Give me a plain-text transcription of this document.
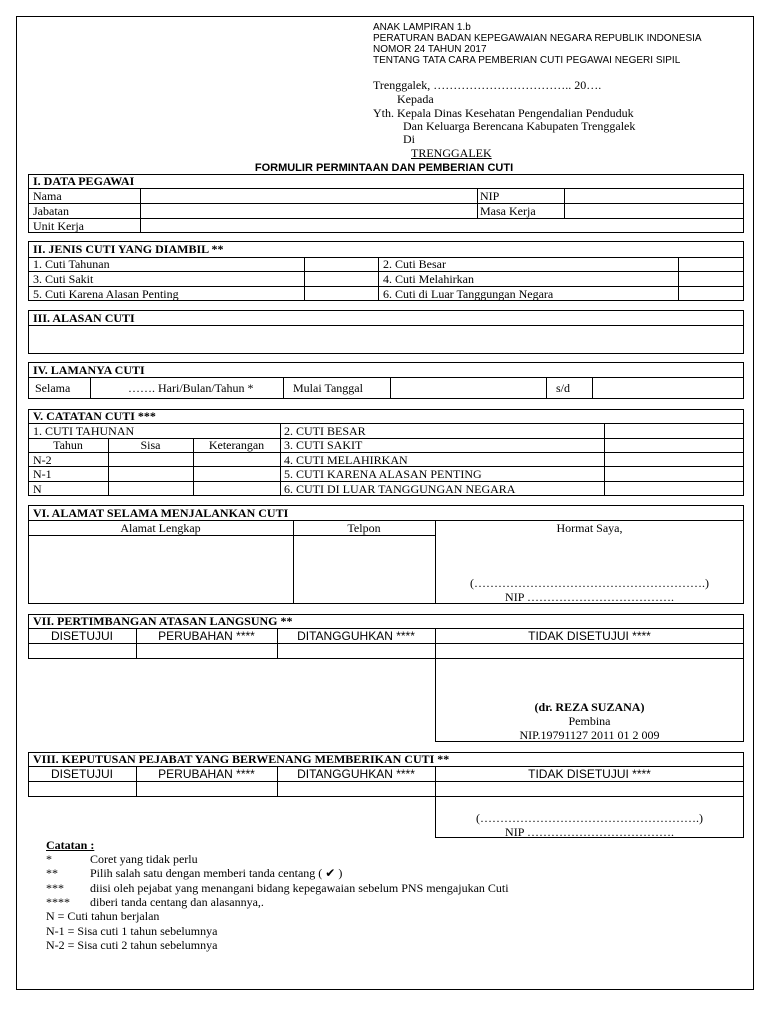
ANAK LAMPIRAN 1.b
PERATURAN BADAN KEPEGAWAIAN NEGARA REPUBLIK INDONESIA
NOMOR 24 TAHUN 2017
TENTANG TATA CARA PEMBERIAN CUTI PEGAWAI NEGERI SIPIL
Trenggalek, …………………………….. 20….
Kepada
Yth. Kepala Dinas Kesehatan Pengendalian Penduduk
Dan Keluarga Berencana Kabupaten Trenggalek
Di
TRENGGALEK
FORMULIR PERMINTAAN DAN PEMBERIAN CUTI
I. DATA PEGAWAI
Nama	NIP
Jabatan	Masa Kerja
Unit Kerja
II. JENIS CUTI YANG DIAMBIL **
1. Cuti Tahunan	2. Cuti Besar
3. Cuti Sakit	4. Cuti Melahirkan
5. Cuti Karena Alasan Penting	6. Cuti di Luar Tanggungan Negara
III. ALASAN CUTI
IV. LAMANYA CUTI
Selama	……. Hari/Bulan/Tahun *	Mulai Tanggal	s/d
V. CATATAN CUTI ***
1. CUTI TAHUNAN
Tahun	Sisa	Keterangan
N-2
N-1
N
2. CUTI BESAR
3. CUTI SAKIT
4. CUTI MELAHIRKAN
5. CUTI KARENA ALASAN PENTING
6. CUTI DI LUAR TANGGUNGAN NEGARA
VI. ALAMAT SELAMA MENJALANKAN CUTI
Alamat Lengkap	Telpon	Hormat Saya,
(………………………………………………….)
NIP ……………………………….
VII. PERTIMBANGAN ATASAN LANGSUNG **
DISETUJUI	PERUBAHAN ****	DITANGGUHKAN ****	TIDAK DISETUJUI ****
(dr. REZA SUZANA)
Pembina
NIP.19791127 2011 01 2 009
VIII. KEPUTUSAN PEJABAT YANG BERWENANG MEMBERIKAN CUTI **
DISETUJUI	PERUBAHAN ****	DITANGGUHKAN ****	TIDAK DISETUJUI ****
(……………………………………………….)
NIP ……………………………….
Catatan :
*	Coret yang tidak perlu
**	Pilih salah satu dengan memberi tanda centang ( ✔ )
*** diisi oleh pejabat yang menangani bidang kepegawaian sebelum PNS mengajukan Cuti
**** diberi tanda centang dan alasannya,.
N = Cuti tahun berjalan
N-1 = Sisa cuti 1 tahun sebelumnya
N-2 = Sisa cuti 2 tahun sebelumnya
